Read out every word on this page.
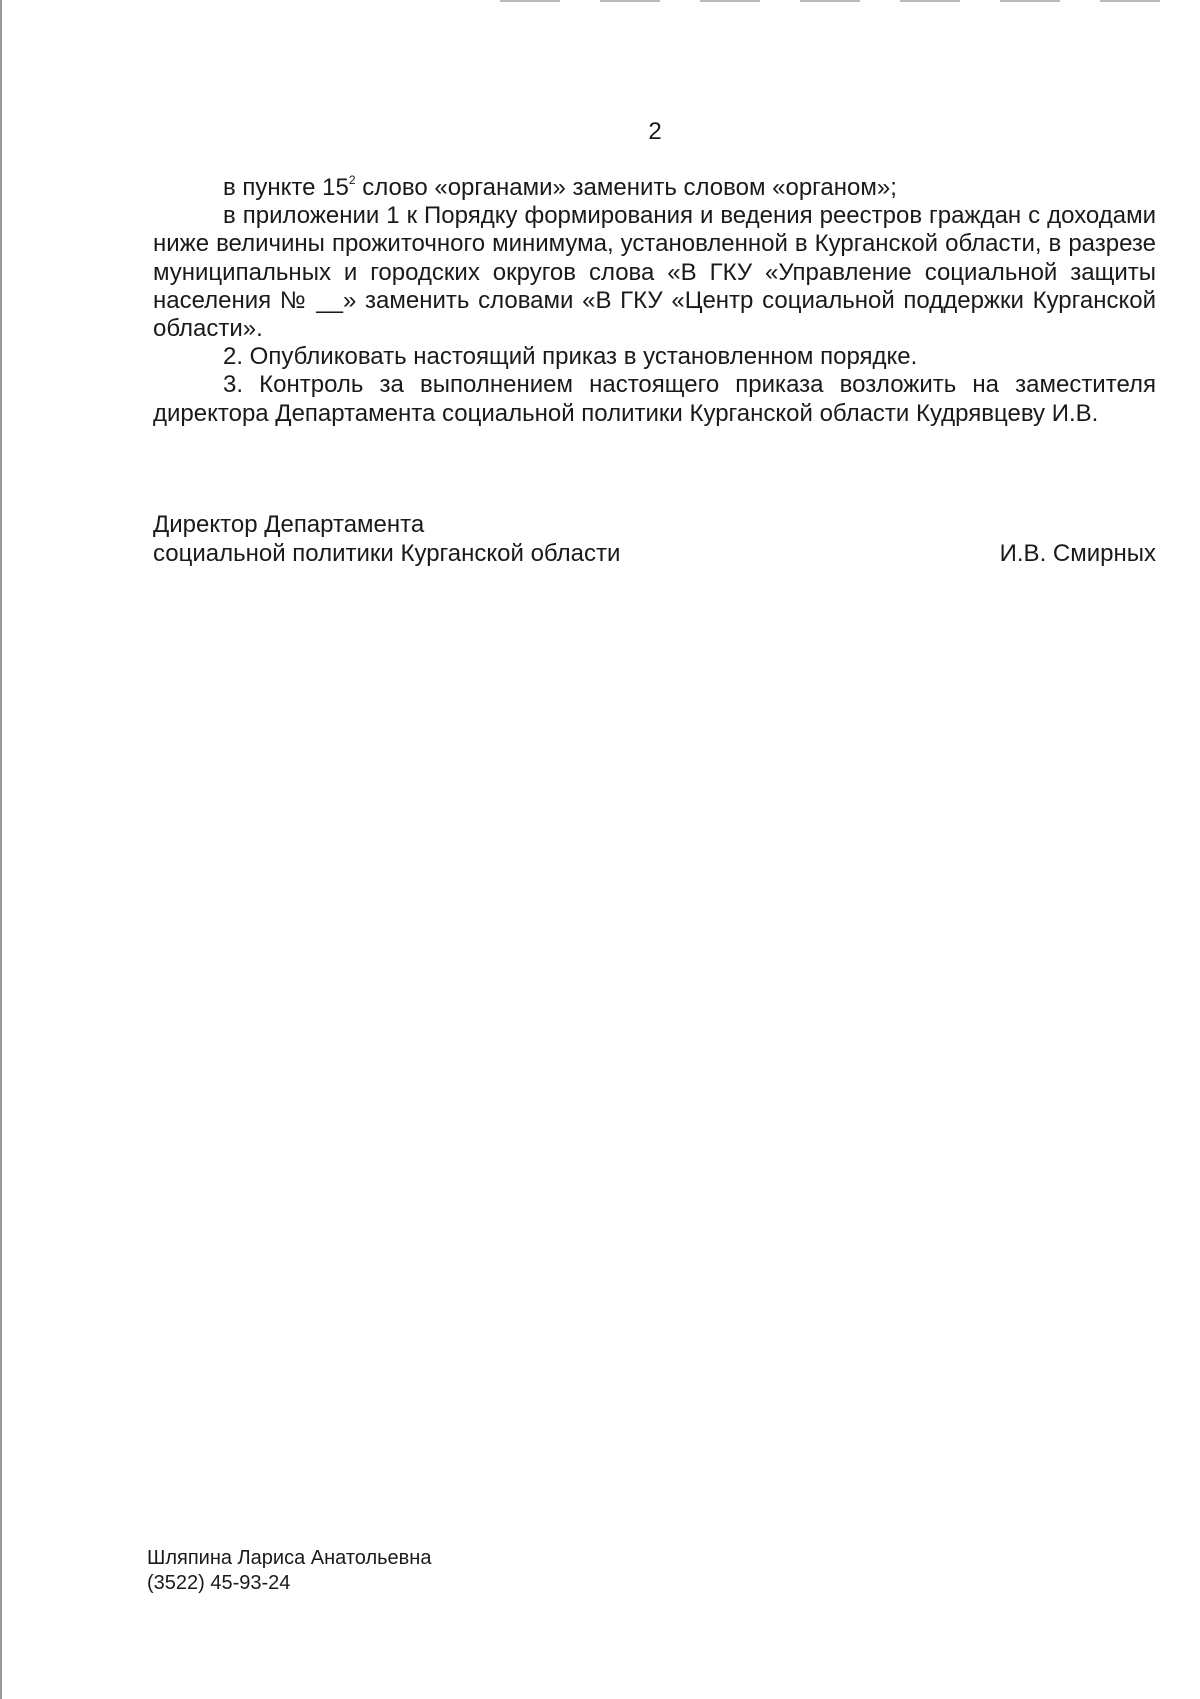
2

в пункте $15^2$ слово «органами» заменить словом «органом»;

в приложении 1 к Порядку формирования и ведения реестров граждан с доходами ниже величины прожиточного минимума, установленной в Курганской области, в разрезе муниципальных и городских округов слова «В ГКУ «Управление социальной защиты населения № __» заменить словами «В ГКУ «Центр социальной поддержки Курганской области».

2. Опубликовать настоящий приказ в установленном порядке.

3. Контроль за выполнением настоящего приказа возложить на заместителя директора Департамента социальной политики Курганской области Кудрявцеву И.В.

Директор Департамента
социальной политики Курганской области	И.В. Смирных
Шляпина Лариса Анатольевна
(3522) 45-93-24
